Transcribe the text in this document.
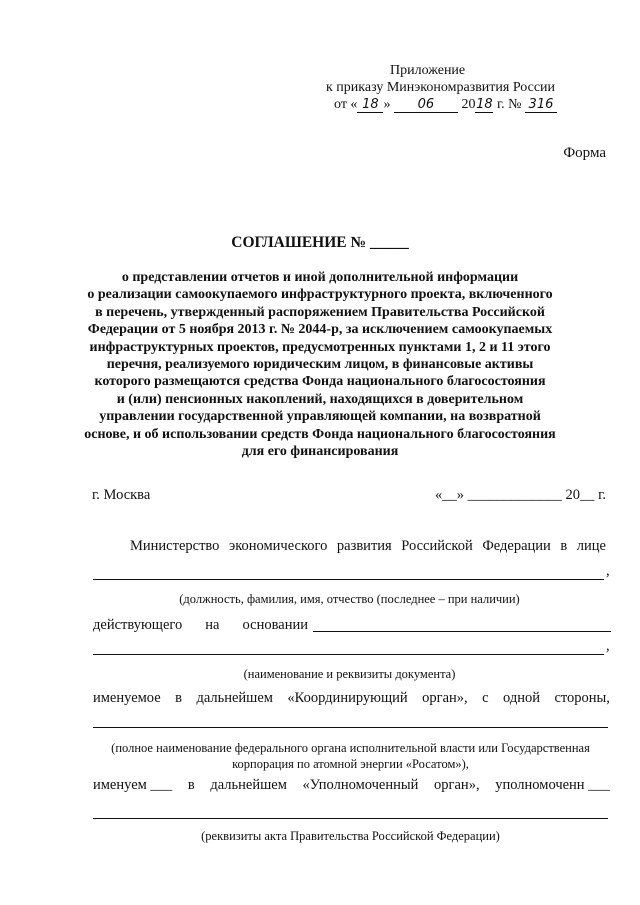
Приложение
к приказу Минэкономразвития России
от « 18 » 06 2018 г. № 316
Форма
СОГЛАШЕНИЕ № _____
о представлении отчетов и иной дополнительной информации
о реализации самоокупаемого инфраструктурного проекта, включенного
в перечень, утвержденный распоряжением Правительства Российской
Федерации от 5 ноября 2013 г. № 2044-р, за исключением самоокупаемых
инфраструктурных проектов, предусмотренных пунктами 1, 2 и 11 этого
перечня, реализуемого юридическим лицом, в финансовые активы
которого размещаются средства Фонда национального благосостояния
и (или) пенсионных накоплений, находящихся в доверительном
управлении государственной управляющей компании, на возвратной
основе, и об использовании средств Фонда национального благосостояния
для его финансирования
г. Москва	«__» _____________ 20__ г.
Министерство экономического развития Российской Федерации в лице
,
(должность, фамилия, имя, отчество (последнее – при наличии)
действующего на основании
,
(наименование и реквизиты документа)
именуемое в дальнейшем «Координирующий орган», с одной стороны,
(полное наименование федерального органа исполнительной власти или Государственная корпорация по атомной энергии «Росатом»),
именуем ___ в дальнейшем «Уполномоченный орган», уполномоченн ___
(реквизиты акта Правительства Российской Федерации)
